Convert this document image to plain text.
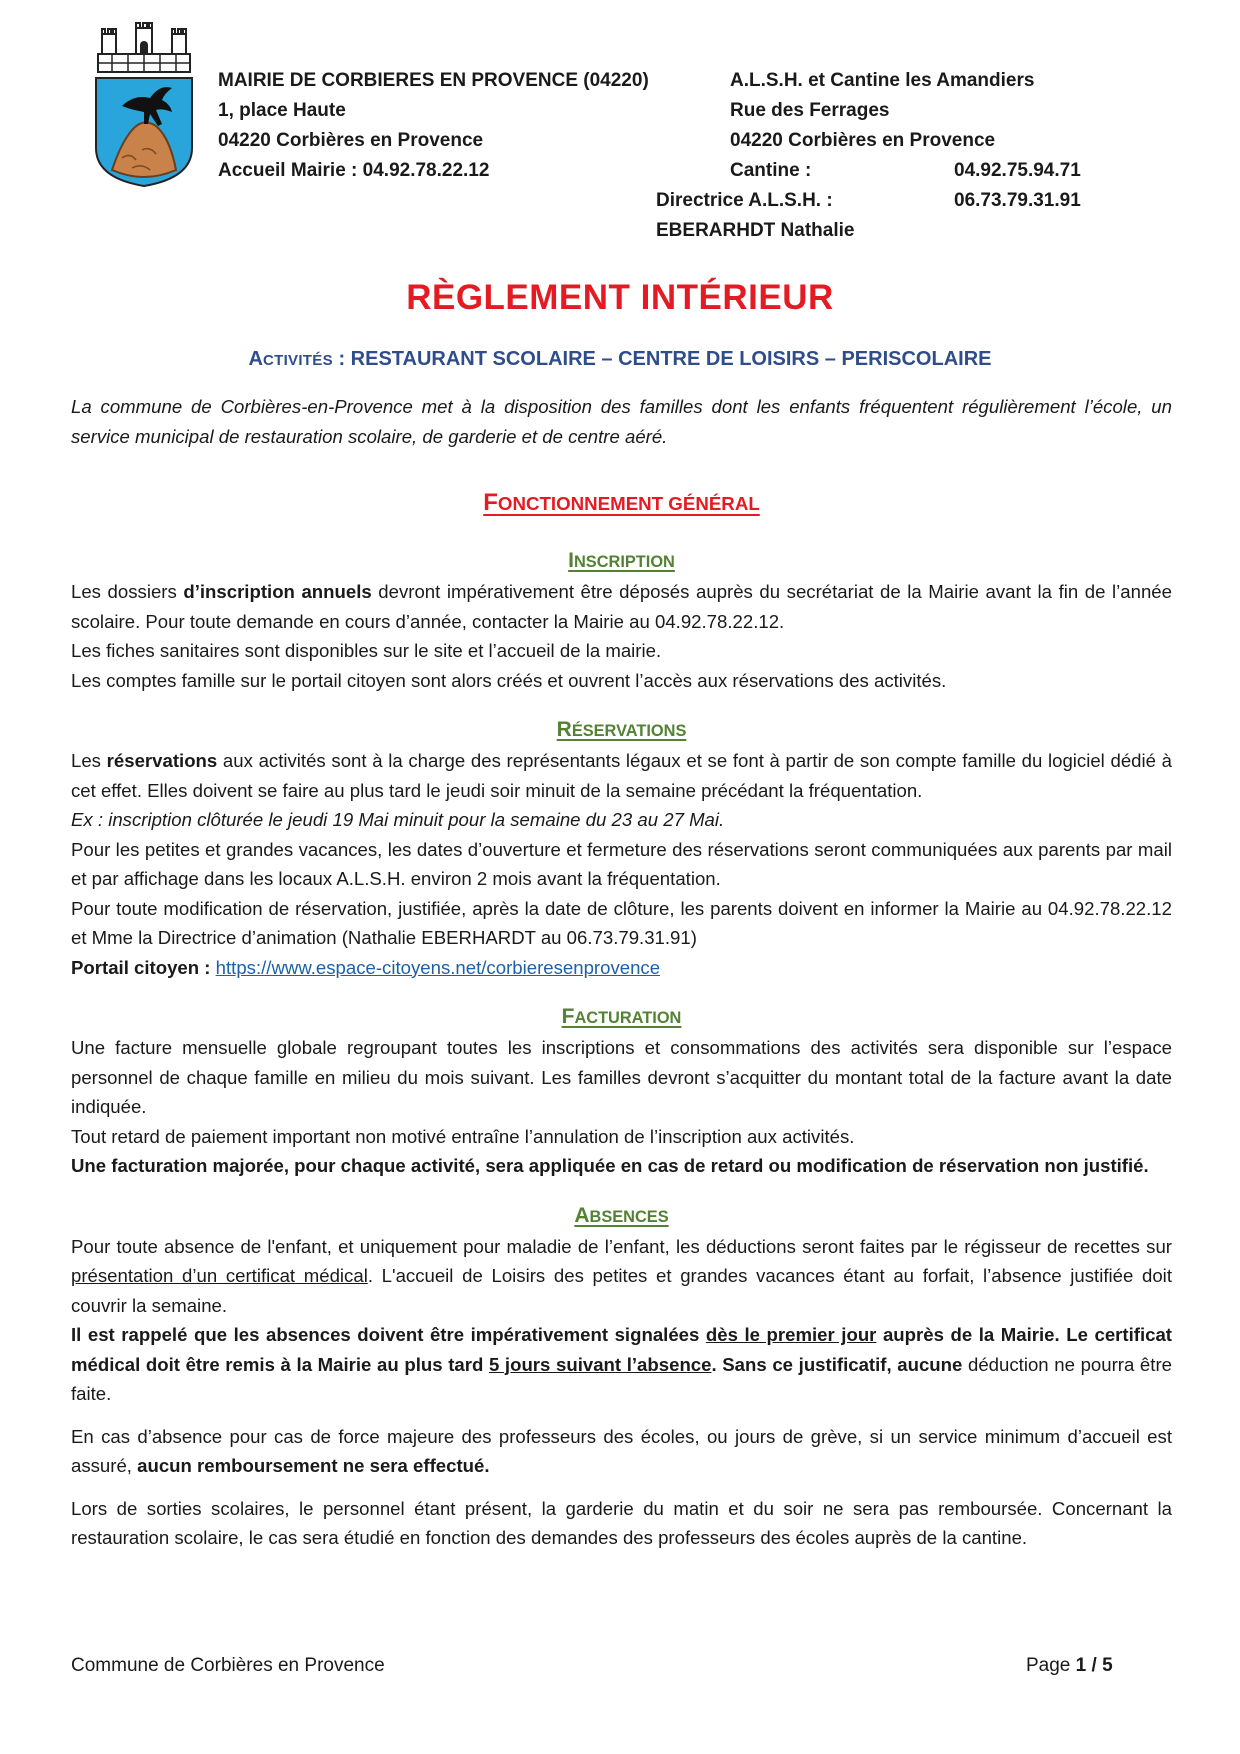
MAIRIE DE CORBIERES EN PROVENCE (04220)
1, place Haute
04220 Corbières en Provence
Accueil Mairie : 04.92.78.22.12
A.L.S.H. et Cantine les Amandiers
Rue des Ferrages
04220 Corbières en Provence
Cantine :	04.92.75.94.71
Directrice A.L.S.H. :	06.73.79.31.91
EBERARHDT Nathalie
RÈGLEMENT INTÉRIEUR
ACTIVITÉS : RESTAURANT SCOLAIRE – CENTRE DE LOISIRS – PERISCOLAIRE

La commune de Corbières-en-Provence met à la disposition des familles dont les enfants fréquentent régulièrement l’école, un service municipal de restauration scolaire, de garderie et de centre aéré.

FONCTIONNEMENT GÉNÉRAL
INSCRIPTION

Les dossiers d’inscription annuels devront impérativement être déposés auprès du secrétariat de la Mairie avant la fin de l’année scolaire. Pour toute demande en cours d’année, contacter la Mairie au 04.92.78.22.12.

Les fiches sanitaires sont disponibles sur le site et l’accueil de la mairie.

Les comptes famille sur le portail citoyen sont alors créés et ouvrent l’accès aux réservations des activités.

RÉSERVATIONS

Les réservations aux activités sont à la charge des représentants légaux et se font à partir de son compte famille du logiciel dédié à cet effet. Elles doivent se faire au plus tard le jeudi soir minuit de la semaine précédant la fréquentation.

Ex : inscription clôturée le jeudi 19 Mai minuit pour la semaine du 23 au 27 Mai.

Pour les petites et grandes vacances, les dates d’ouverture et fermeture des réservations seront communiquées aux parents par mail et par affichage dans les locaux A.L.S.H. environ 2 mois avant la fréquentation.

Pour toute modification de réservation, justifiée, après la date de clôture, les parents doivent en informer la Mairie au 04.92.78.22.12 et Mme la Directrice d’animation (Nathalie EBERHARDT au 06.73.79.31.91)

Portail citoyen : https://www.espace-citoyens.net/corbieresenprovence

FACTURATION

Une facture mensuelle globale regroupant toutes les inscriptions et consommations des activités sera disponible sur l’espace personnel de chaque famille en milieu du mois suivant. Les familles devront s’acquitter du montant total de la facture avant la date indiquée.

Tout retard de paiement important non motivé entraîne l’annulation de l’inscription aux activités.

Une facturation majorée, pour chaque activité, sera appliquée en cas de retard ou modification de réservation non justifié.

ABSENCES

Pour toute absence de l'enfant, et uniquement pour maladie de l’enfant, les déductions seront faites par le régisseur de recettes sur présentation d’un certificat médical. L'accueil de Loisirs des petites et grandes vacances étant au forfait, l’absence justifiée doit couvrir la semaine.

Il est rappelé que les absences doivent être impérativement signalées dès le premier jour auprès de la Mairie. Le certificat médical doit être remis à la Mairie au plus tard 5 jours suivant l’absence. Sans ce justificatif, aucune déduction ne pourra être faite.

En cas d’absence pour cas de force majeure des professeurs des écoles, ou jours de grève, si un service minimum d’accueil est assuré, aucun remboursement ne sera effectué.

Lors de sorties scolaires, le personnel étant présent, la garderie du matin et du soir ne sera pas remboursée. Concernant la restauration scolaire, le cas sera étudié en fonction des demandes des professeurs des écoles auprès de la cantine.

Commune de Corbières en Provence	Page 1 / 5
